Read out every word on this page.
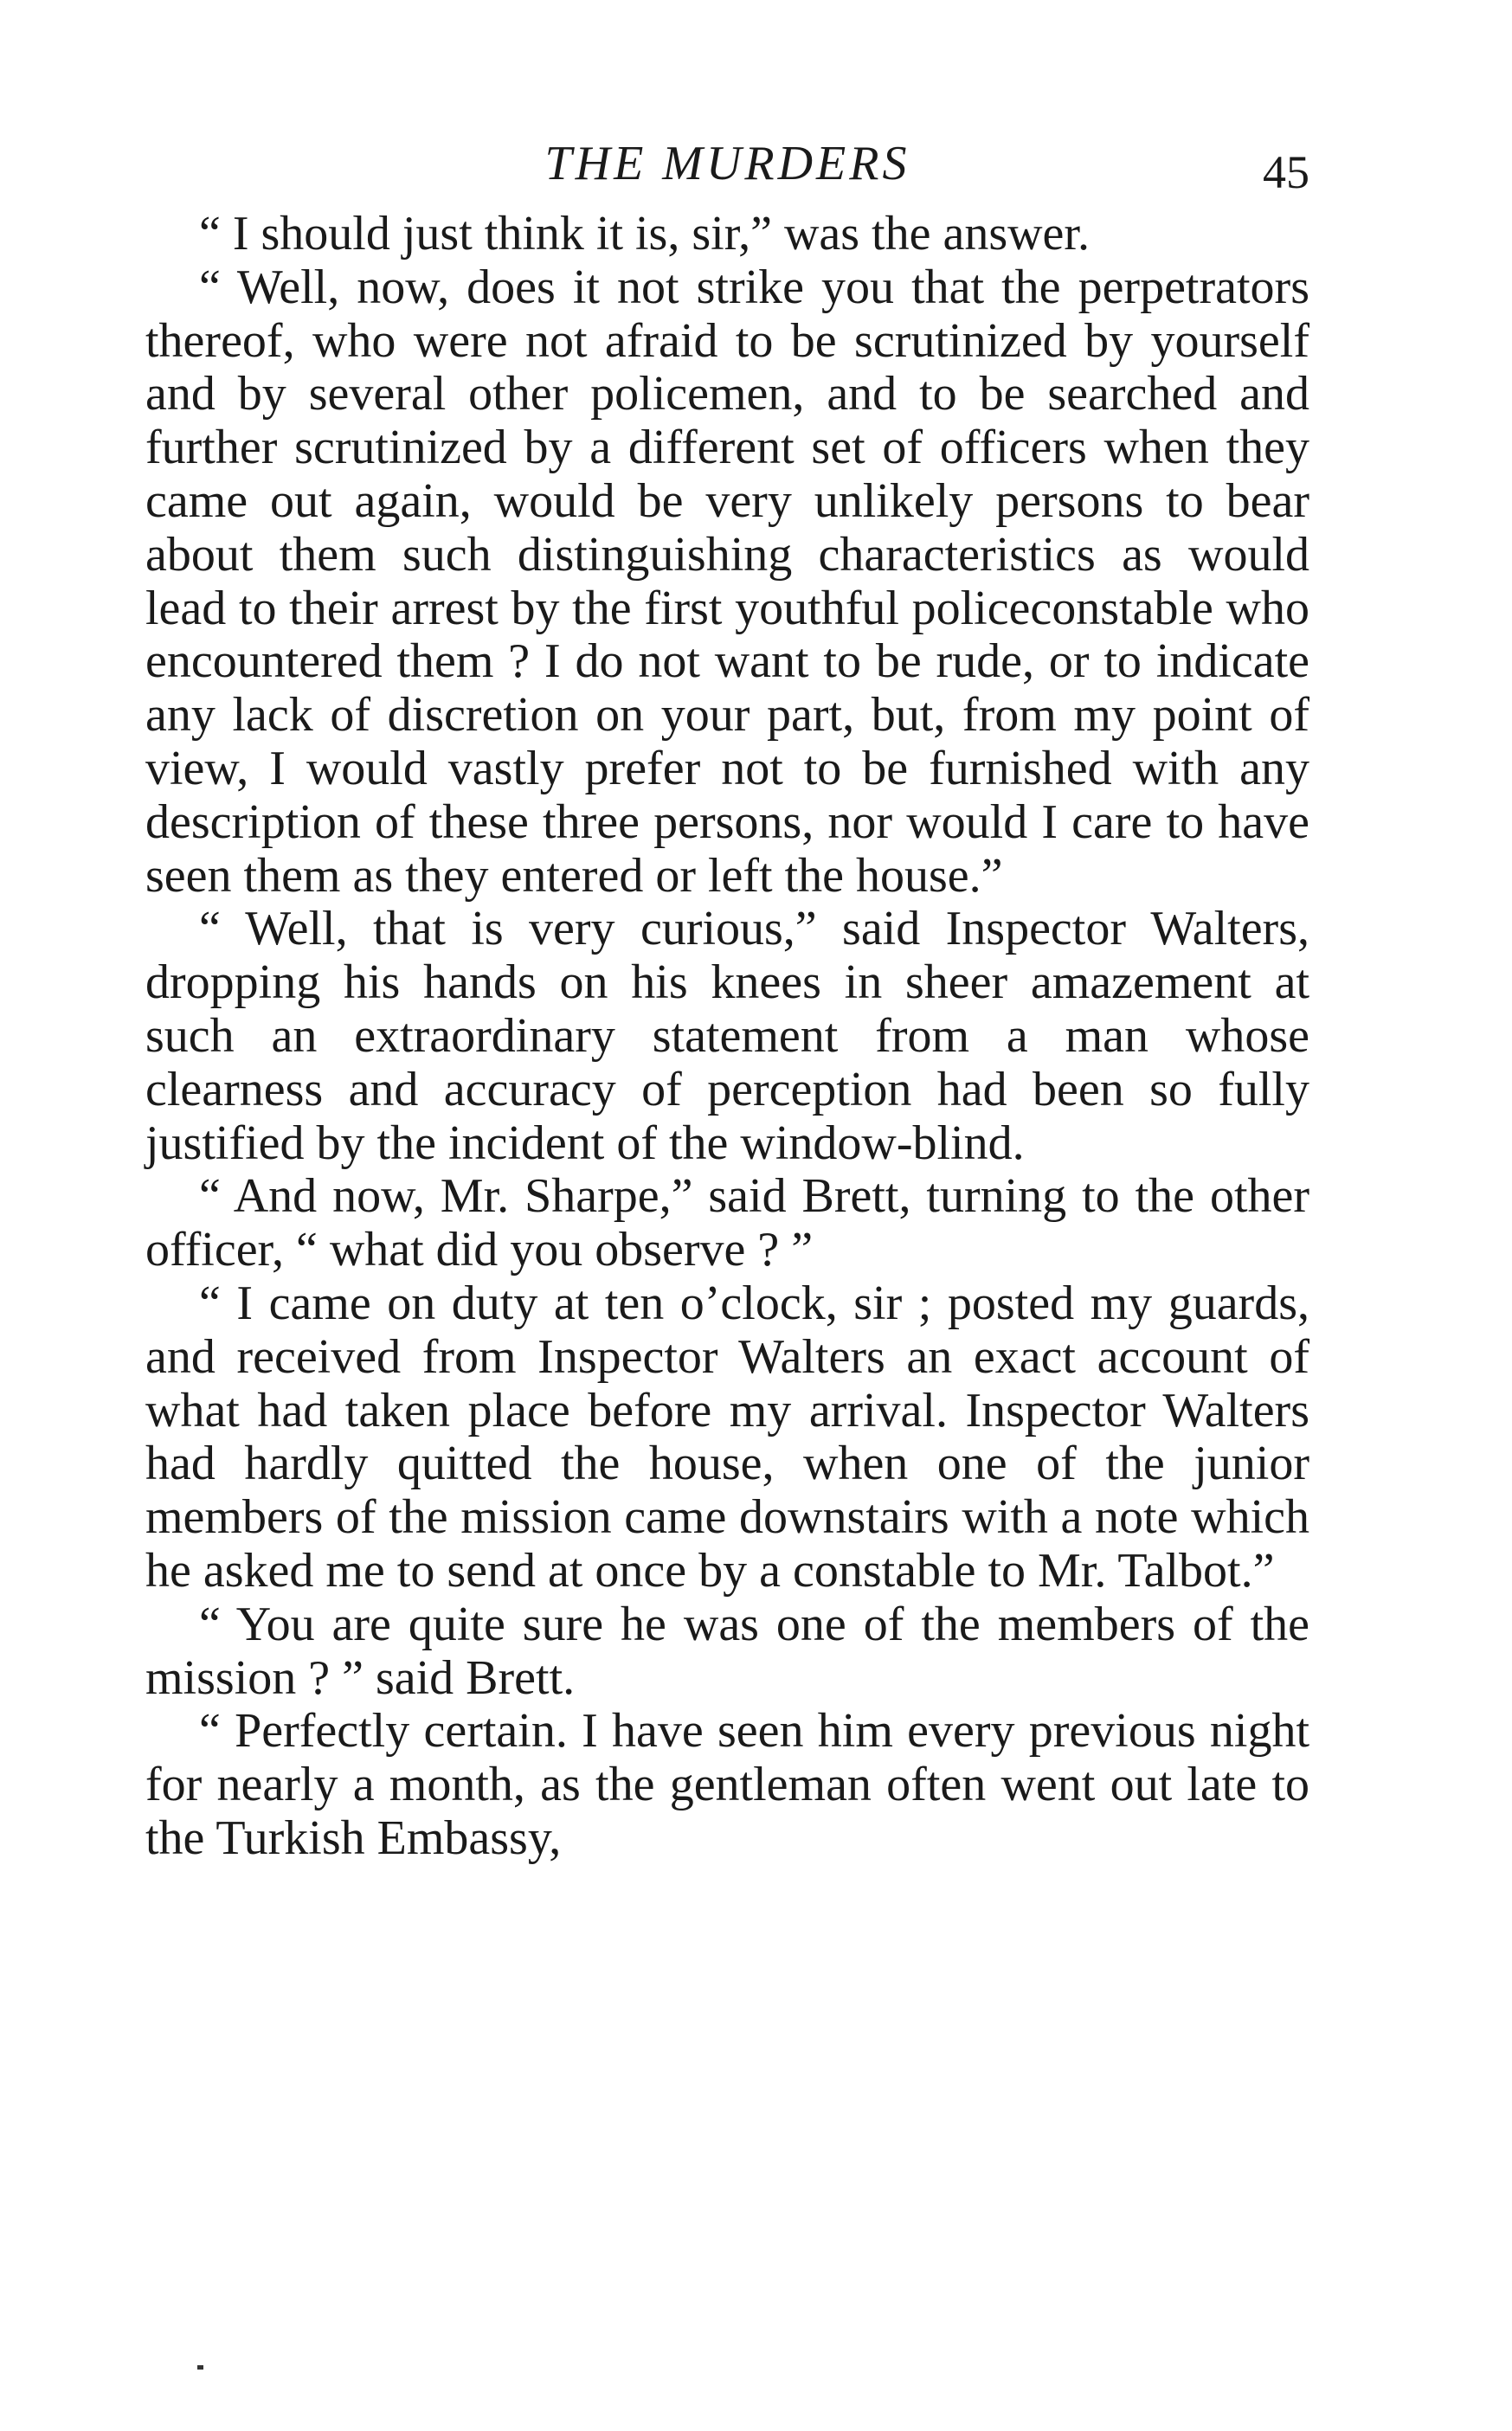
THE MURDERS	45

“ I should just think it is, sir,” was the answer.

“ Well, now, does it not strike you that the perpetrators thereof, who were not afraid to be scrutinized by yourself and by several other policemen, and to be searched and further scrutinized by a different set of officers when they came out again, would be very unlikely persons to bear about them such distinguishing characteristics as would lead to their arrest by the first youthful policeconstable who encountered them ? I do not want to be rude, or to indicate any lack of discretion on your part, but, from my point of view, I would vastly prefer not to be furnished with any description of these three persons, nor would I care to have seen them as they entered or left the house.”

“ Well, that is very curious,” said Inspector Walters, dropping his hands on his knees in sheer amazement at such an extraordinary statement from a man whose clearness and accuracy of perception had been so fully justified by the incident of the window-blind.

“ And now, Mr. Sharpe,” said Brett, turning to the other officer, “ what did you observe ? ”

“ I came on duty at ten o’clock, sir ; posted my guards, and received from Inspector Walters an exact account of what had taken place before my arrival. Inspector Walters had hardly quitted the house, when one of the junior members of the mission came downstairs with a note which he asked me to send at once by a constable to Mr. Talbot.”

“ You are quite sure he was one of the members of the mission ? ” said Brett.

“ Perfectly certain. I have seen him every previous night for nearly a month, as the gentleman often went out late to the Turkish Embassy,
